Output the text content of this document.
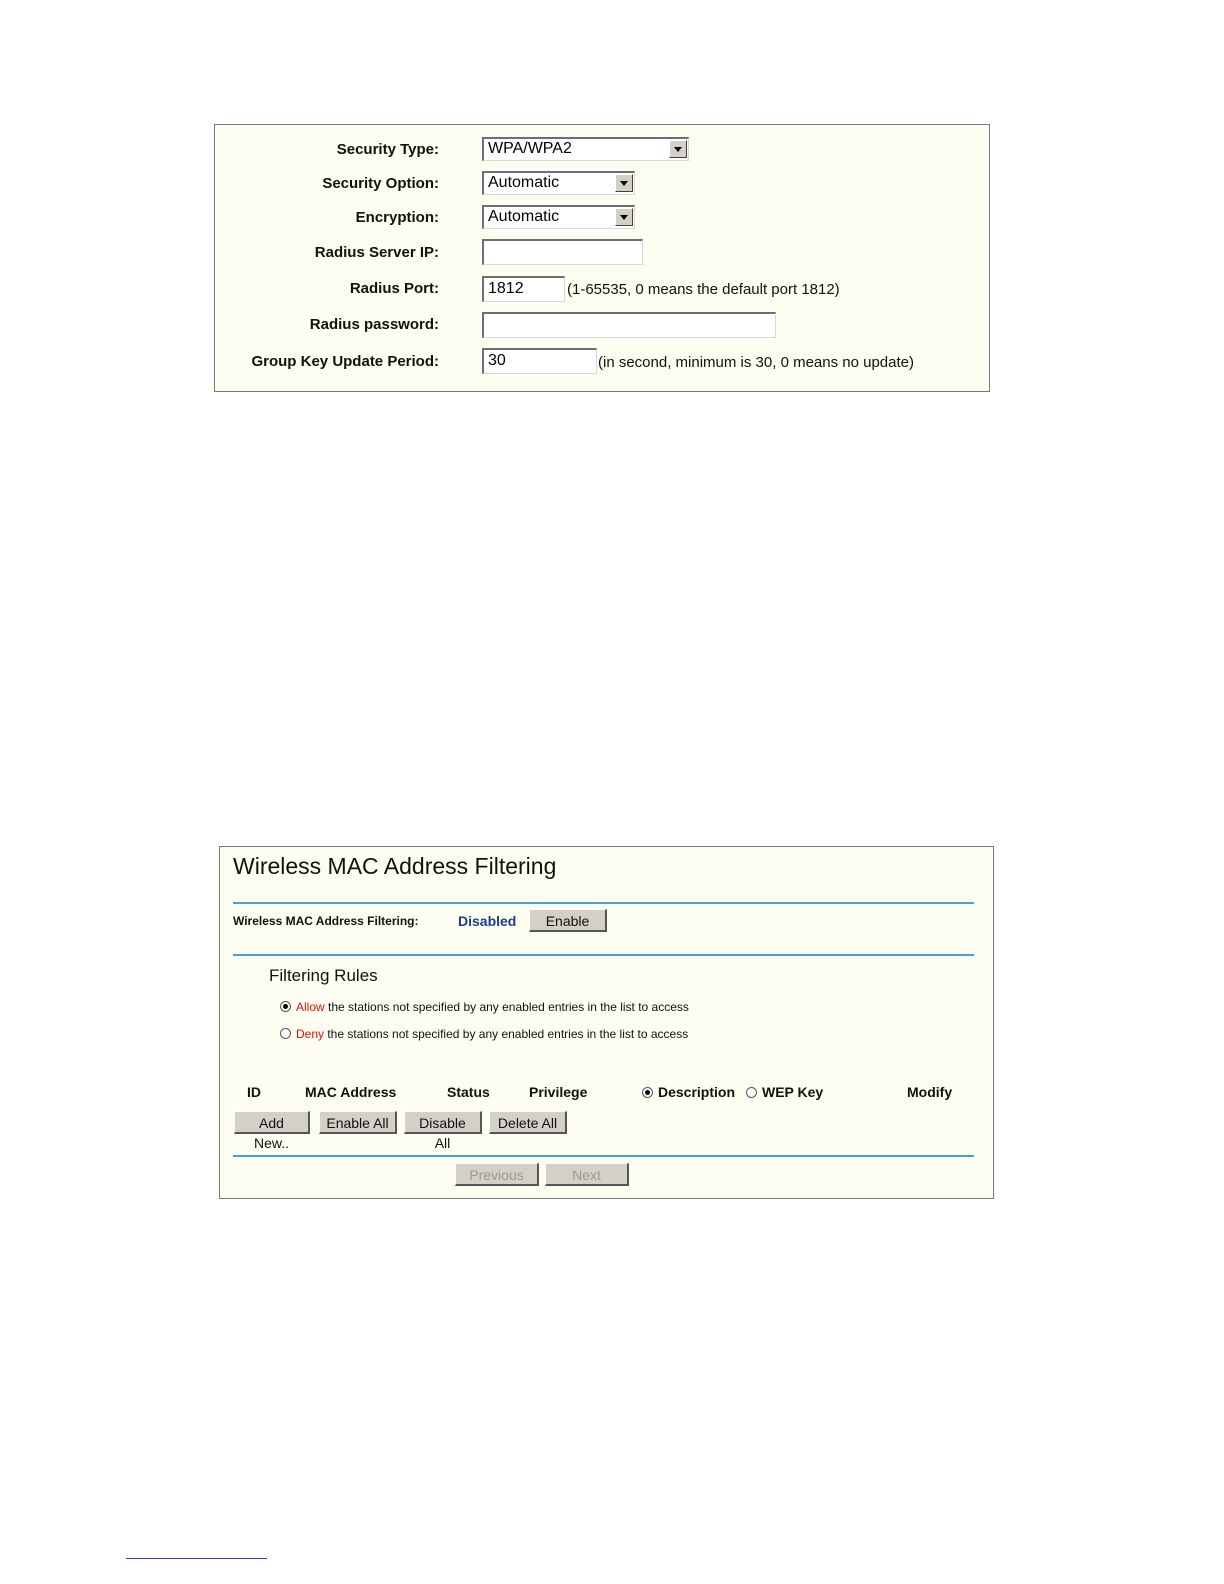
Security Type:	WPA/WPA2
Security Option:	Automatic
Encryption:	Automatic
Radius Server IP:
Radius Port:	1812	(1-65535, 0 means the default port 1812)
Radius password:
Group Key Update Period:	30	(in second, minimum is 30, 0 means no update)
Wireless MAC Address Filtering
Wireless MAC Address Filtering:	Disabled	Enable
Filtering Rules
Allow the stations not specified by any enabled entries in the list to access
Deny the stations not specified by any enabled entries in the list to access
ID	MAC Address	Status	Privilege	Description	WEP Key	Modify
Add New..
Enable All	Disable All
Delete All
Previous	Next
